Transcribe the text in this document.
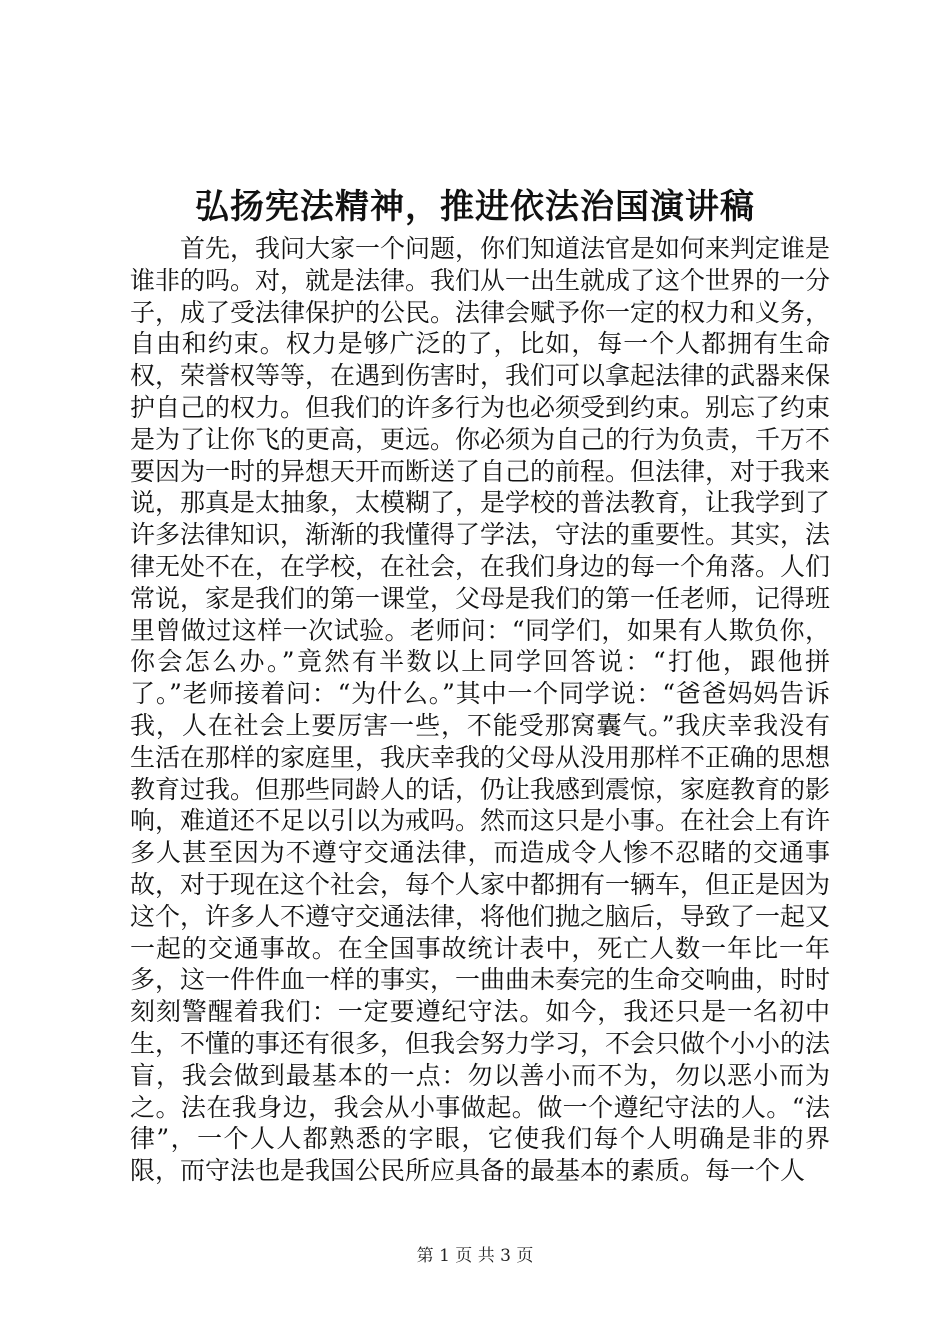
弘扬宪法精神，推进依法治国演讲稿

首先，我问大家一个问题，你们知道法官是如何来判定谁是谁非的吗。对，就是法律。我们从一出生就成了这个世界的一分子，成了受法律保护的公民。法律会赋予你一定的权力和义务，自由和约束。权力是够广泛的了，比如，每一个人都拥有生命权，荣誉权等等，在遇到伤害时，我们可以拿起法律的武器来保护自己的权力。但我们的许多行为也必须受到约束。别忘了约束是为了让你飞的更高，更远。你必须为自己的行为负责，千万不要因为一时的异想天开而断送了自己的前程。但法律，对于我来说，那真是太抽象，太模糊了，是学校的普法教育，让我学到了许多法律知识，渐渐的我懂得了学法，守法的重要性。其实，法律无处不在，在学校，在社会，在我们身边的每一个角落。人们常说，家是我们的第一课堂，父母是我们的第一任老师，记得班里曾做过这样一次试验。老师问：“同学们，如果有人欺负你，你会怎么办。”竟然有半数以上同学回答说：“打他，跟他拼了。”老师接着问：“为什么。”其中一个同学说：“爸爸妈妈告诉我，人在社会上要厉害一些，不能受那窝囊气。”我庆幸我没有生活在那样的家庭里，我庆幸我的父母从没用那样不正确的思想教育过我。但那些同龄人的话，仍让我感到震惊，家庭教育的影响，难道还不足以引以为戒吗。然而这只是小事。在社会上有许多人甚至因为不遵守交通法律，而造成令人惨不忍睹的交通事故，对于现在这个社会，每个人家中都拥有一辆车，但正是因为这个，许多人不遵守交通法律，将他们抛之脑后，导致了一起又一起的交通事故。在全国事故统计表中，死亡人数一年比一年多，这一件件血一样的事实，一曲曲未奏完的生命交响曲，时时刻刻警醒着我们：一定要遵纪守法。如今，我还只是一名初中生，不懂的事还有很多，但我会努力学习，不会只做个小小的法盲，我会做到最基本的一点：勿以善小而不为，勿以恶小而为之。法在我身边，我会从小事做起。做一个遵纪守法的人。“法律”，一个人人都熟悉的字眼，它使我们每个人明确是非的界限，而守法也是我国公民所应具备的最基本的素质。每一个人

第 1 页 共 3 页
